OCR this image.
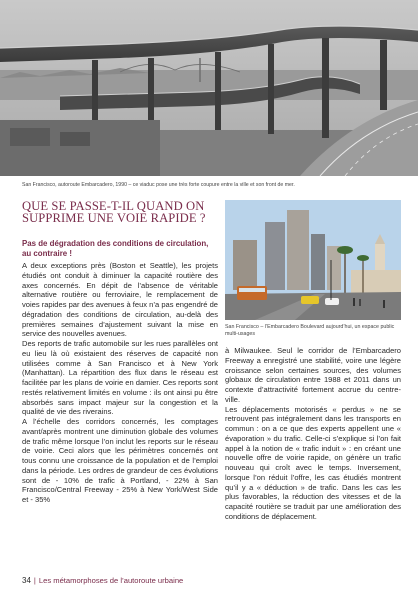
San Francisco, autoroute Embarcadero, 1990 – ce viaduc pose une très forte coupure entre la ville et son front de mer.
QUE SE PASSE-T-IL QUAND ON SUPPRIME UNE VOIE RAPIDE ?
Pas de dégradation des conditions de circulation, au contraire !

A deux exceptions près (Boston et Seattle), les projets étudiés ont conduit à diminuer la capacité routière des axes concernés. En dépit de l’absence de véritable alternative routière ou ferroviaire, le remplacement de voies rapides par des avenues à feux n’a pas engendré de dégradation des conditions de circulation, au-delà des premières semaines d’ajustement suivant la mise en service des nouvelles avenues.

Des reports de trafic automobile sur les rues parallèles ont eu lieu là où existaient des réserves de capacité non utilisées comme à San Francisco et à New York (Manhattan). La répartition des flux dans le réseau est facilitée par les plans de voirie en damier. Ces reports sont restés relativement limités en volume : ils ont ainsi pu être absorbés sans impact majeur sur la congestion et la qualité de vie des riverains.

A l’échelle des corridors concernés, les comptages avant/après montrent une diminution globale des volumes de trafic même lorsque l’on inclut les reports sur le réseau de voirie. Ceci alors que les périmètres concernés ont tous connu une croissance de la population et de l’emploi dans la période. Les ordres de grandeur de ces évolutions sont de - 10% de trafic à Portland, - 22% à San Francisco/Central Freeway - 25% à New York/West Side et - 35%

San Francisco – l’Embarcadero Boulevard aujourd’hui, un espace public multi-usages

à Milwaukee. Seul le corridor de l’Embarcadero Freeway a enregistré une stabilité, voire une légère croissance selon certaines sources, des volumes globaux de circulation entre 1988 et 2011 dans un contexte d’attractivité fortement accrue du centre-ville.

Les déplacements motorisés « perdus » ne se retrouvent pas intégralement dans les transports en commun : on a ce que des experts appellent une « évaporation » du trafic. Celle-ci s’explique si l’on fait appel à la notion de « trafic induit » : en créant une nouvelle offre de voirie rapide, on génère un trafic nouveau qui croît avec le temps. Inversement, lorsque l’on réduit l’offre, les cas étudiés montrent qu’il y a « déduction » de trafic. Dans les cas les plus favorables, la réduction des vitesses et de la capacité routière se traduit par une amélioration des conditions de déplacement.

34 | Les métamorphoses de l’autoroute urbaine
